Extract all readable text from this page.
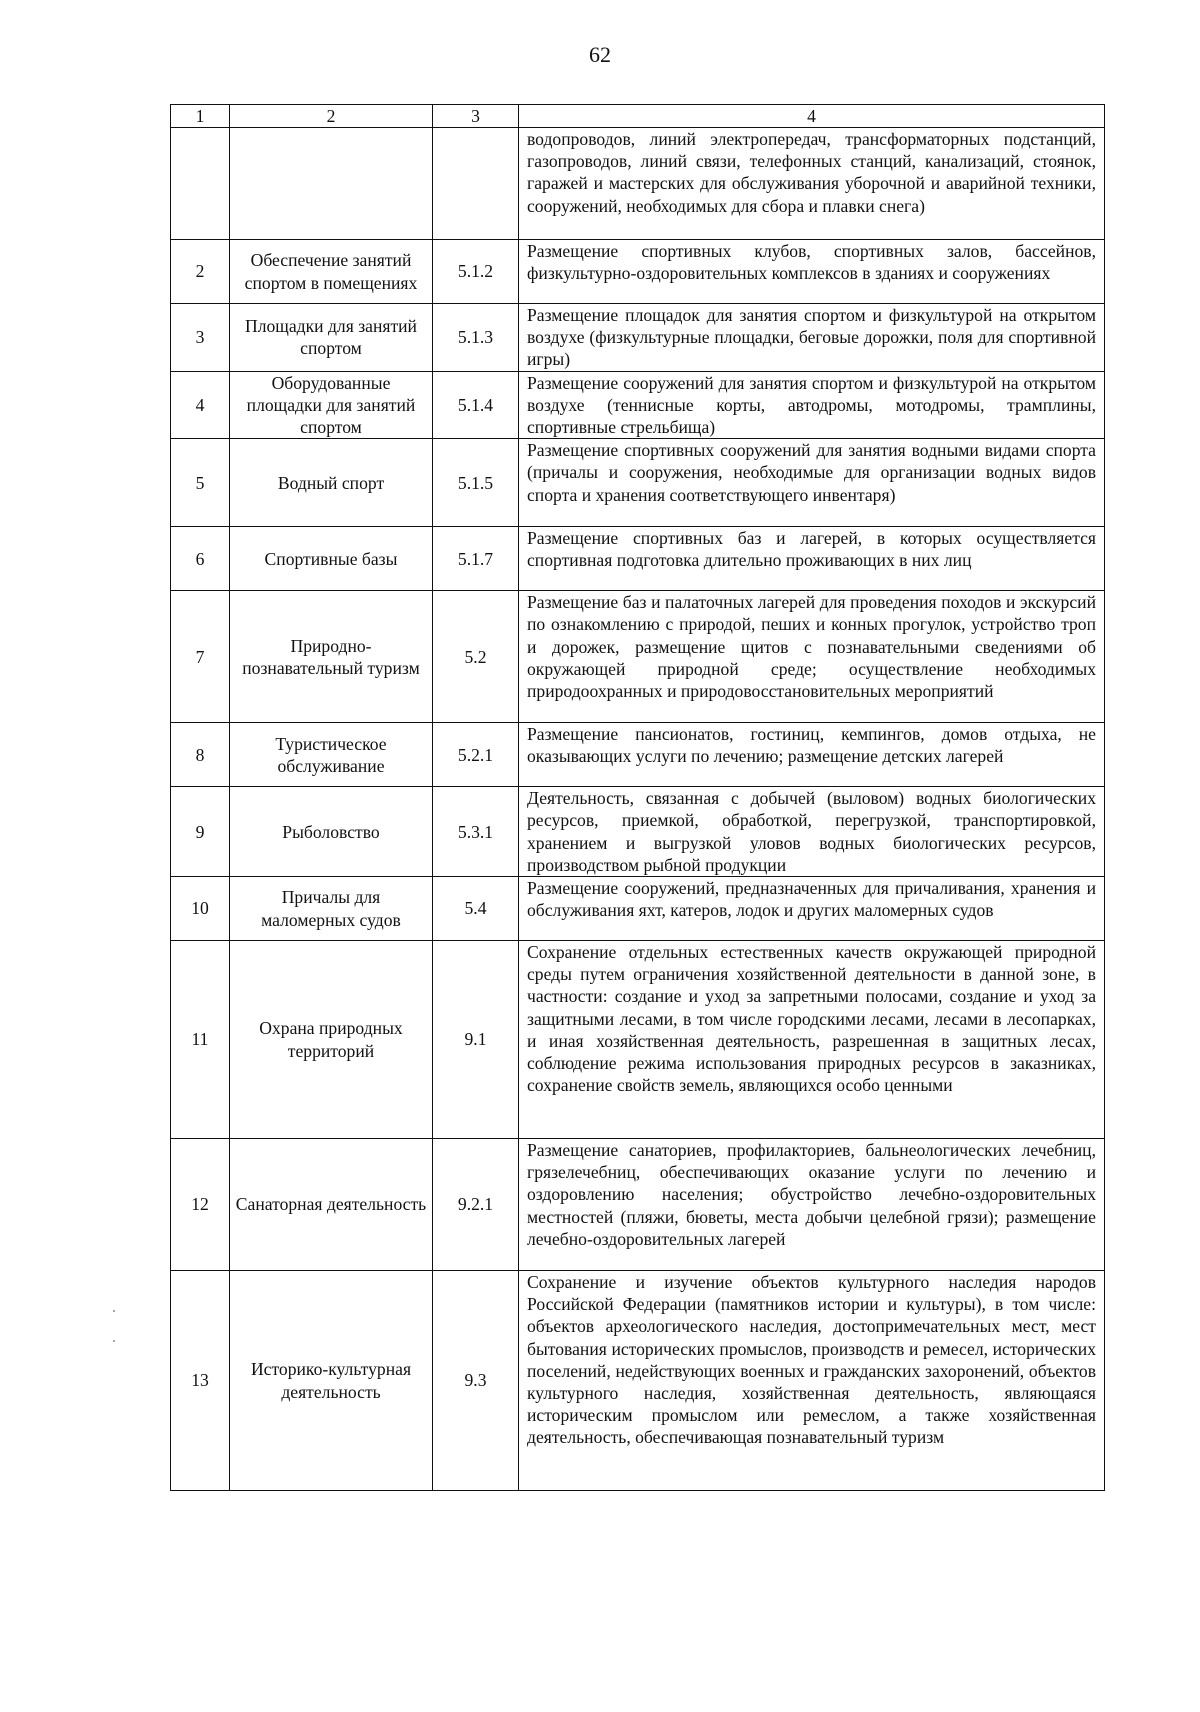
62
1	2	3	4
			водопроводов, линий электропередач, трансформаторных подстанций, газопроводов, линий связи, телефонных станций, канализаций, стоянок, гаражей и мастерских для обслуживания уборочной и аварийной техники, сооружений, необходимых для сбора и плавки снега)
2	Обеспечение занятий спортом в помещениях	5.1.2	Размещение спортивных клубов, спортивных залов, бассейнов, физкультурно-оздоровительных комплексов в зданиях и сооружениях
3	Площадки для занятий спортом	5.1.3	Размещение площадок для занятия спортом и физкультурой на открытом воздухе (физкультурные площадки, беговые дорожки, поля для спортивной игры)
4	Оборудованные площадки для занятий спортом	5.1.4	Размещение сооружений для занятия спортом и физкультурой на открытом воздухе (теннисные корты, автодромы, мотодромы, трамплины, спортивные стрельбища)
5	Водный спорт	5.1.5	Размещение спортивных сооружений для занятия водными видами спорта (причалы и сооружения, необходимые для организации водных видов спорта и хранения соответствующего инвентаря)
6	Спортивные базы	5.1.7	Размещение спортивных баз и лагерей, в которых осуществляется спортивная подготовка длительно проживающих в них лиц
7	Природно-познавательный туризм	5.2	Размещение баз и палаточных лагерей для проведения походов и экскурсий по ознакомлению с природой, пеших и конных прогулок, устройство троп и дорожек, размещение щитов с познавательными сведениями об окружающей природной среде; осуществление необходимых природоохранных и природовосстановительных мероприятий
8	Туристическое обслуживание	5.2.1	Размещение пансионатов, гостиниц, кемпингов, домов отдыха, не оказывающих услуги по лечению; размещение детских лагерей
9	Рыболовство	5.3.1	Деятельность, связанная с добычей (выловом) водных биологических ресурсов, приемкой, обработкой, перегрузкой, транспортировкой, хранением и выгрузкой уловов водных биологических ресурсов, производством рыбной продукции
10	Причалы для маломерных судов	5.4	Размещение сооружений, предназначенных для причаливания, хранения и обслуживания яхт, катеров, лодок и других маломерных судов
11	Охрана природных территорий	9.1	Сохранение отдельных естественных качеств окружающей природной среды путем ограничения хозяйственной деятельности в данной зоне, в частности: создание и уход за запретными полосами, создание и уход за защитными лесами, в том числе городскими лесами, лесами в лесопарках, и иная хозяйственная деятельность, разрешенная в защитных лесах, соблюдение режима использования природных ресурсов в заказниках, сохранение свойств земель, являющихся особо ценными
12	Санаторная деятельность	9.2.1	Размещение санаториев, профилакториев, бальнеологических лечебниц, грязелечебниц, обеспечивающих оказание услуги по лечению и оздоровлению населения; обустройство лечебно-оздоровительных местностей (пляжи, бюветы, места добычи целебной грязи); размещение лечебно-оздоровительных лагерей
13	Историко-культурная деятельность	9.3	Сохранение и изучение объектов культурного наследия народов Российской Федерации (памятников истории и культуры), в том числе: объектов археологического наследия, достопримечательных мест, мест бытования исторических промыслов, производств и ремесел, исторических поселений, недействующих военных и гражданских захоронений, объектов культурного наследия, хозяйственная деятельность, являющаяся историческим промыслом или ремеслом, а также хозяйственная деятельность, обеспечивающая познавательный туризм
